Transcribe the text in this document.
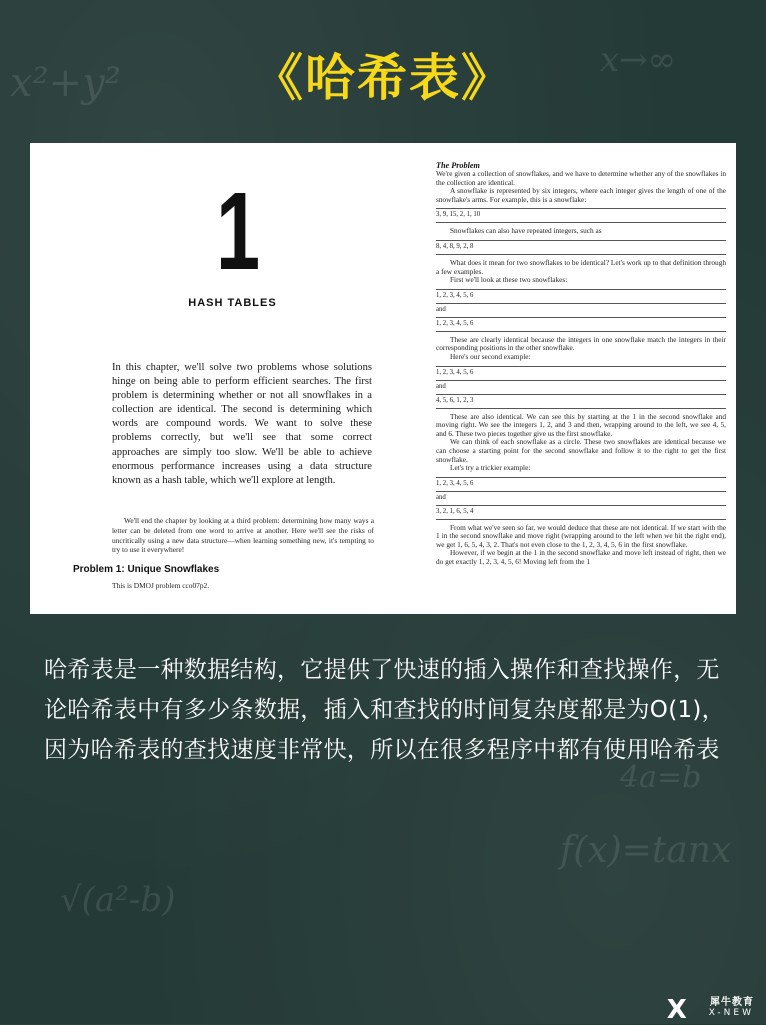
x²+y²	x→∞
f(x)=tanx
√(a²-b)
4a=b
《哈希表》
1
HASH TABLES
In this chapter, we'll solve two problems whose solutions hinge on being able to perform efficient searches. The first problem is determining whether or not all snowflakes in a collection are identical. The second is determining which words are compound words. We want to solve these problems correctly, but we'll see that some correct approaches are simply too slow. We'll be able to achieve enormous performance increases using a data structure known as a hash table, which we'll explore at length.
We'll end the chapter by looking at a third problem: determining how many ways a letter can be deleted from one word to arrive at another. Here we'll see the risks of uncritically using a new data structure—when learning something new, it's tempting to try to use it everywhere!
Problem 1: Unique Snowflakes
This is DMOJ problem cco07p2.
The Problem
We're given a collection of snowflakes, and we have to determine whether any of the snowflakes in the collection are identical.
A snowflake is represented by six integers, where each integer gives the length of one of the snowflake's arms. For example, this is a snowflake:
3, 9, 15, 2, 1, 10
Snowflakes can also have repeated integers, such as
8, 4, 8, 9, 2, 8
What does it mean for two snowflakes to be identical? Let's work up to that definition through a few examples.
First we'll look at these two snowflakes:
1, 2, 3, 4, 5, 6
and
1, 2, 3, 4, 5, 6
These are clearly identical because the integers in one snowflake match the integers in their corresponding positions in the other snowflake.
Here's our second example:
1, 2, 3, 4, 5, 6
and
4, 5, 6, 1, 2, 3
These are also identical. We can see this by starting at the 1 in the second snowflake and moving right. We see the integers 1, 2, and 3 and then, wrapping around to the left, we see 4, 5, and 6. These two pieces together give us the first snowflake.
We can think of each snowflake as a circle. These two snowflakes are identical because we can choose a starting point for the second snowflake and follow it to the right to get the first snowflake.
Let's try a trickier example:
1, 2, 3, 4, 5, 6
and
3, 2, 1, 6, 5, 4
From what we've seen so far, we would deduce that these are not identical. If we start with the 1 in the second snowflake and move right (wrapping around to the left when we hit the right end), we get 1, 6, 5, 4, 3, 2. That's not even close to the 1, 2, 3, 4, 5, 6 in the first snowflake.
However, if we begin at the 1 in the second snowflake and move left instead of right, then we do get exactly 1, 2, 3, 4, 5, 6! Moving left from the 1
哈希表是一种数据结构，它提供了快速的插入操作和查找操作，无论哈希表中有多少条数据，插入和查找的时间复杂度都是为O(1)，因为哈希表的查找速度非常快，所以在很多程序中都有使用哈希表
X 犀牛教育
X-NEW
